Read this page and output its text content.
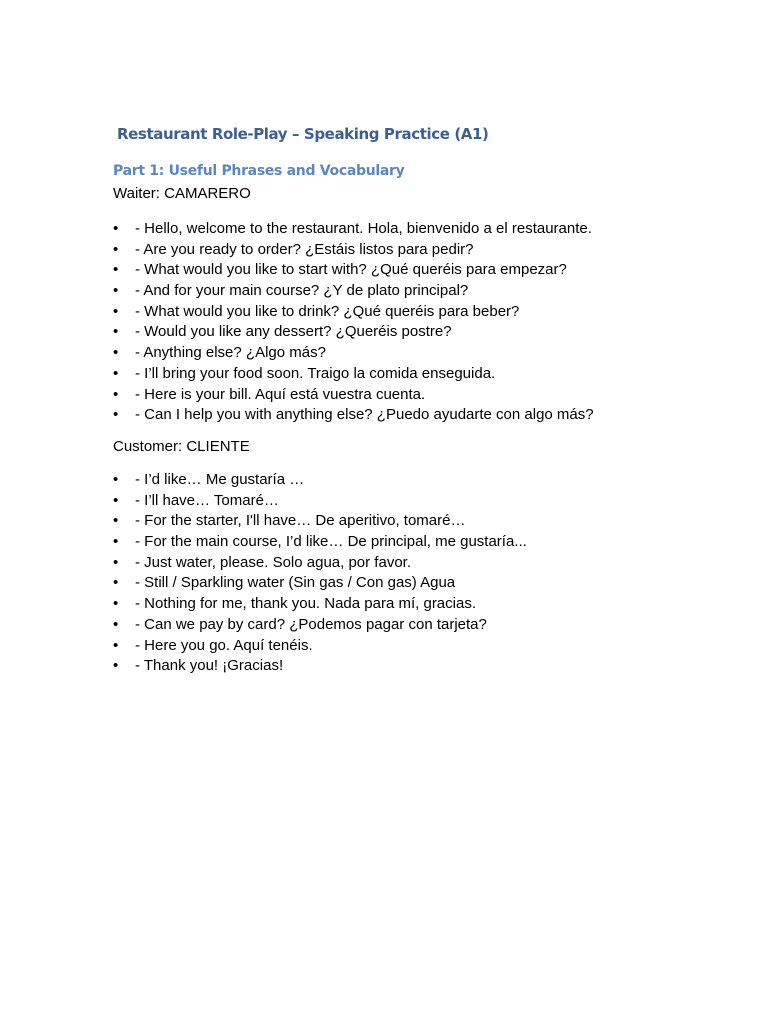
Restaurant Role-Play – Speaking Practice (A1)
Part 1: Useful Phrases and Vocabulary
Waiter: CAMARERO
• - Hello, welcome to the restaurant. Hola, bienvenido a el restaurante.
• - Are you ready to order? ¿Estáis listos para pedir?
• - What would you like to start with? ¿Qué queréis para empezar?
• - And for your main course? ¿Y de plato principal?
• - What would you like to drink? ¿Qué queréis para beber?
• - Would you like any dessert? ¿Queréis postre?
• - Anything else? ¿Algo más?
• - I’ll bring your food soon. Traigo la comida enseguida.
• - Here is your bill. Aquí está vuestra cuenta.
• - Can I help you with anything else? ¿Puedo ayudarte con algo más?
Customer: CLIENTE
• - I’d like… Me gustaría …
• - I’ll have… Tomaré…
• - For the starter, I'll have… De aperitivo, tomaré…
• - For the main course, I’d like… De principal, me gustaría...
• - Just water, please. Solo agua, por favor.
• - Still / Sparkling water (Sin gas / Con gas) Agua
• - Nothing for me, thank you. Nada para mí, gracias.
• - Can we pay by card? ¿Podemos pagar con tarjeta?
• - Here you go. Aquí tenéis.
• - Thank you! ¡Gracias!
